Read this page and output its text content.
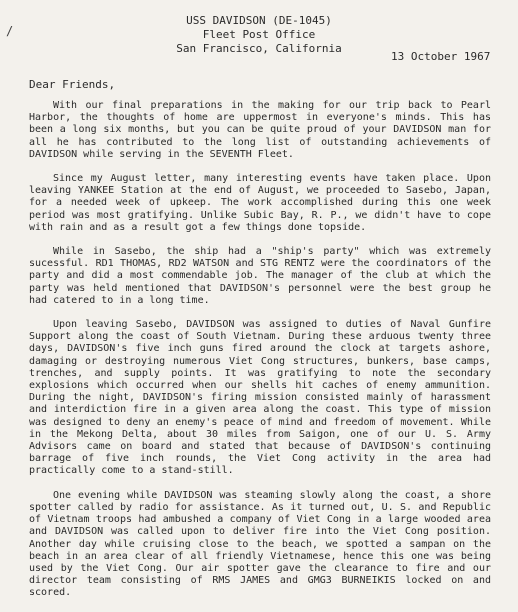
/
USS DAVIDSON (DE-1045)
Fleet Post Office
San Francisco, California
13 October 1967
Dear Friends,

With our final preparations in the making for our trip back to Pearl Harbor, the thoughts of home are uppermost in everyone's minds. This has been a long six months, but you can be quite proud of your DAVIDSON man for all he has contributed to the long list of outstanding achievements of DAVIDSON while serving in the SEVENTH Fleet.

Since my August letter, many interesting events have taken place. Upon leaving YANKEE Station at the end of August, we proceeded to Sasebo, Japan, for a needed week of upkeep. The work accomplished during this one week period was most gratifying. Unlike Subic Bay, R. P., we didn't have to cope with rain and as a result got a few things done topside.

While in Sasebo, the ship had a "ship's party" which was extremely sucessful. RD1 THOMAS, RD2 WATSON and STG RENTZ were the coordinators of the party and did a most commendable job. The manager of the club at which the party was held mentioned that DAVIDSON's personnel were the best group he had catered to in a long time.

Upon leaving Sasebo, DAVIDSON was assigned to duties of Naval Gunfire Support along the coast of South Vietnam. During these arduous twenty three days, DAVIDSON's five inch guns fired around the clock at targets ashore, damaging or destroying numerous Viet Cong structures, bunkers, base camps, trenches, and supply points. It was gratifying to note the secondary explosions which occurred when our shells hit caches of enemy ammunition. During the night, DAVIDSON's firing mission consisted mainly of harassment and interdiction fire in a given area along the coast. This type of mission was designed to deny an enemy's peace of mind and freedom of movement. While in the Mekong Delta, about 30 miles from Saigon, one of our U. S. Army Advisors came on board and stated that because of DAVIDSON's continuing barrage of five inch rounds, the Viet Cong activity in the area had practically come to a stand-still.

One evening while DAVIDSON was steaming slowly along the coast, a shore spotter called by radio for assistance. As it turned out, U. S. and Republic of Vietnam troops had ambushed a company of Viet Cong in a large wooded area and DAVIDSON was called upon to deliver fire into the Viet Cong position. Another day while cruising close to the beach, we spotted a sampan on the beach in an area clear of all friendly Vietnamese, hence this one was being used by the Viet Cong. Our air spotter gave the clearance to fire and our director team consisting of RMS JAMES and GMG3 BURNEIKIS locked on and scored.
